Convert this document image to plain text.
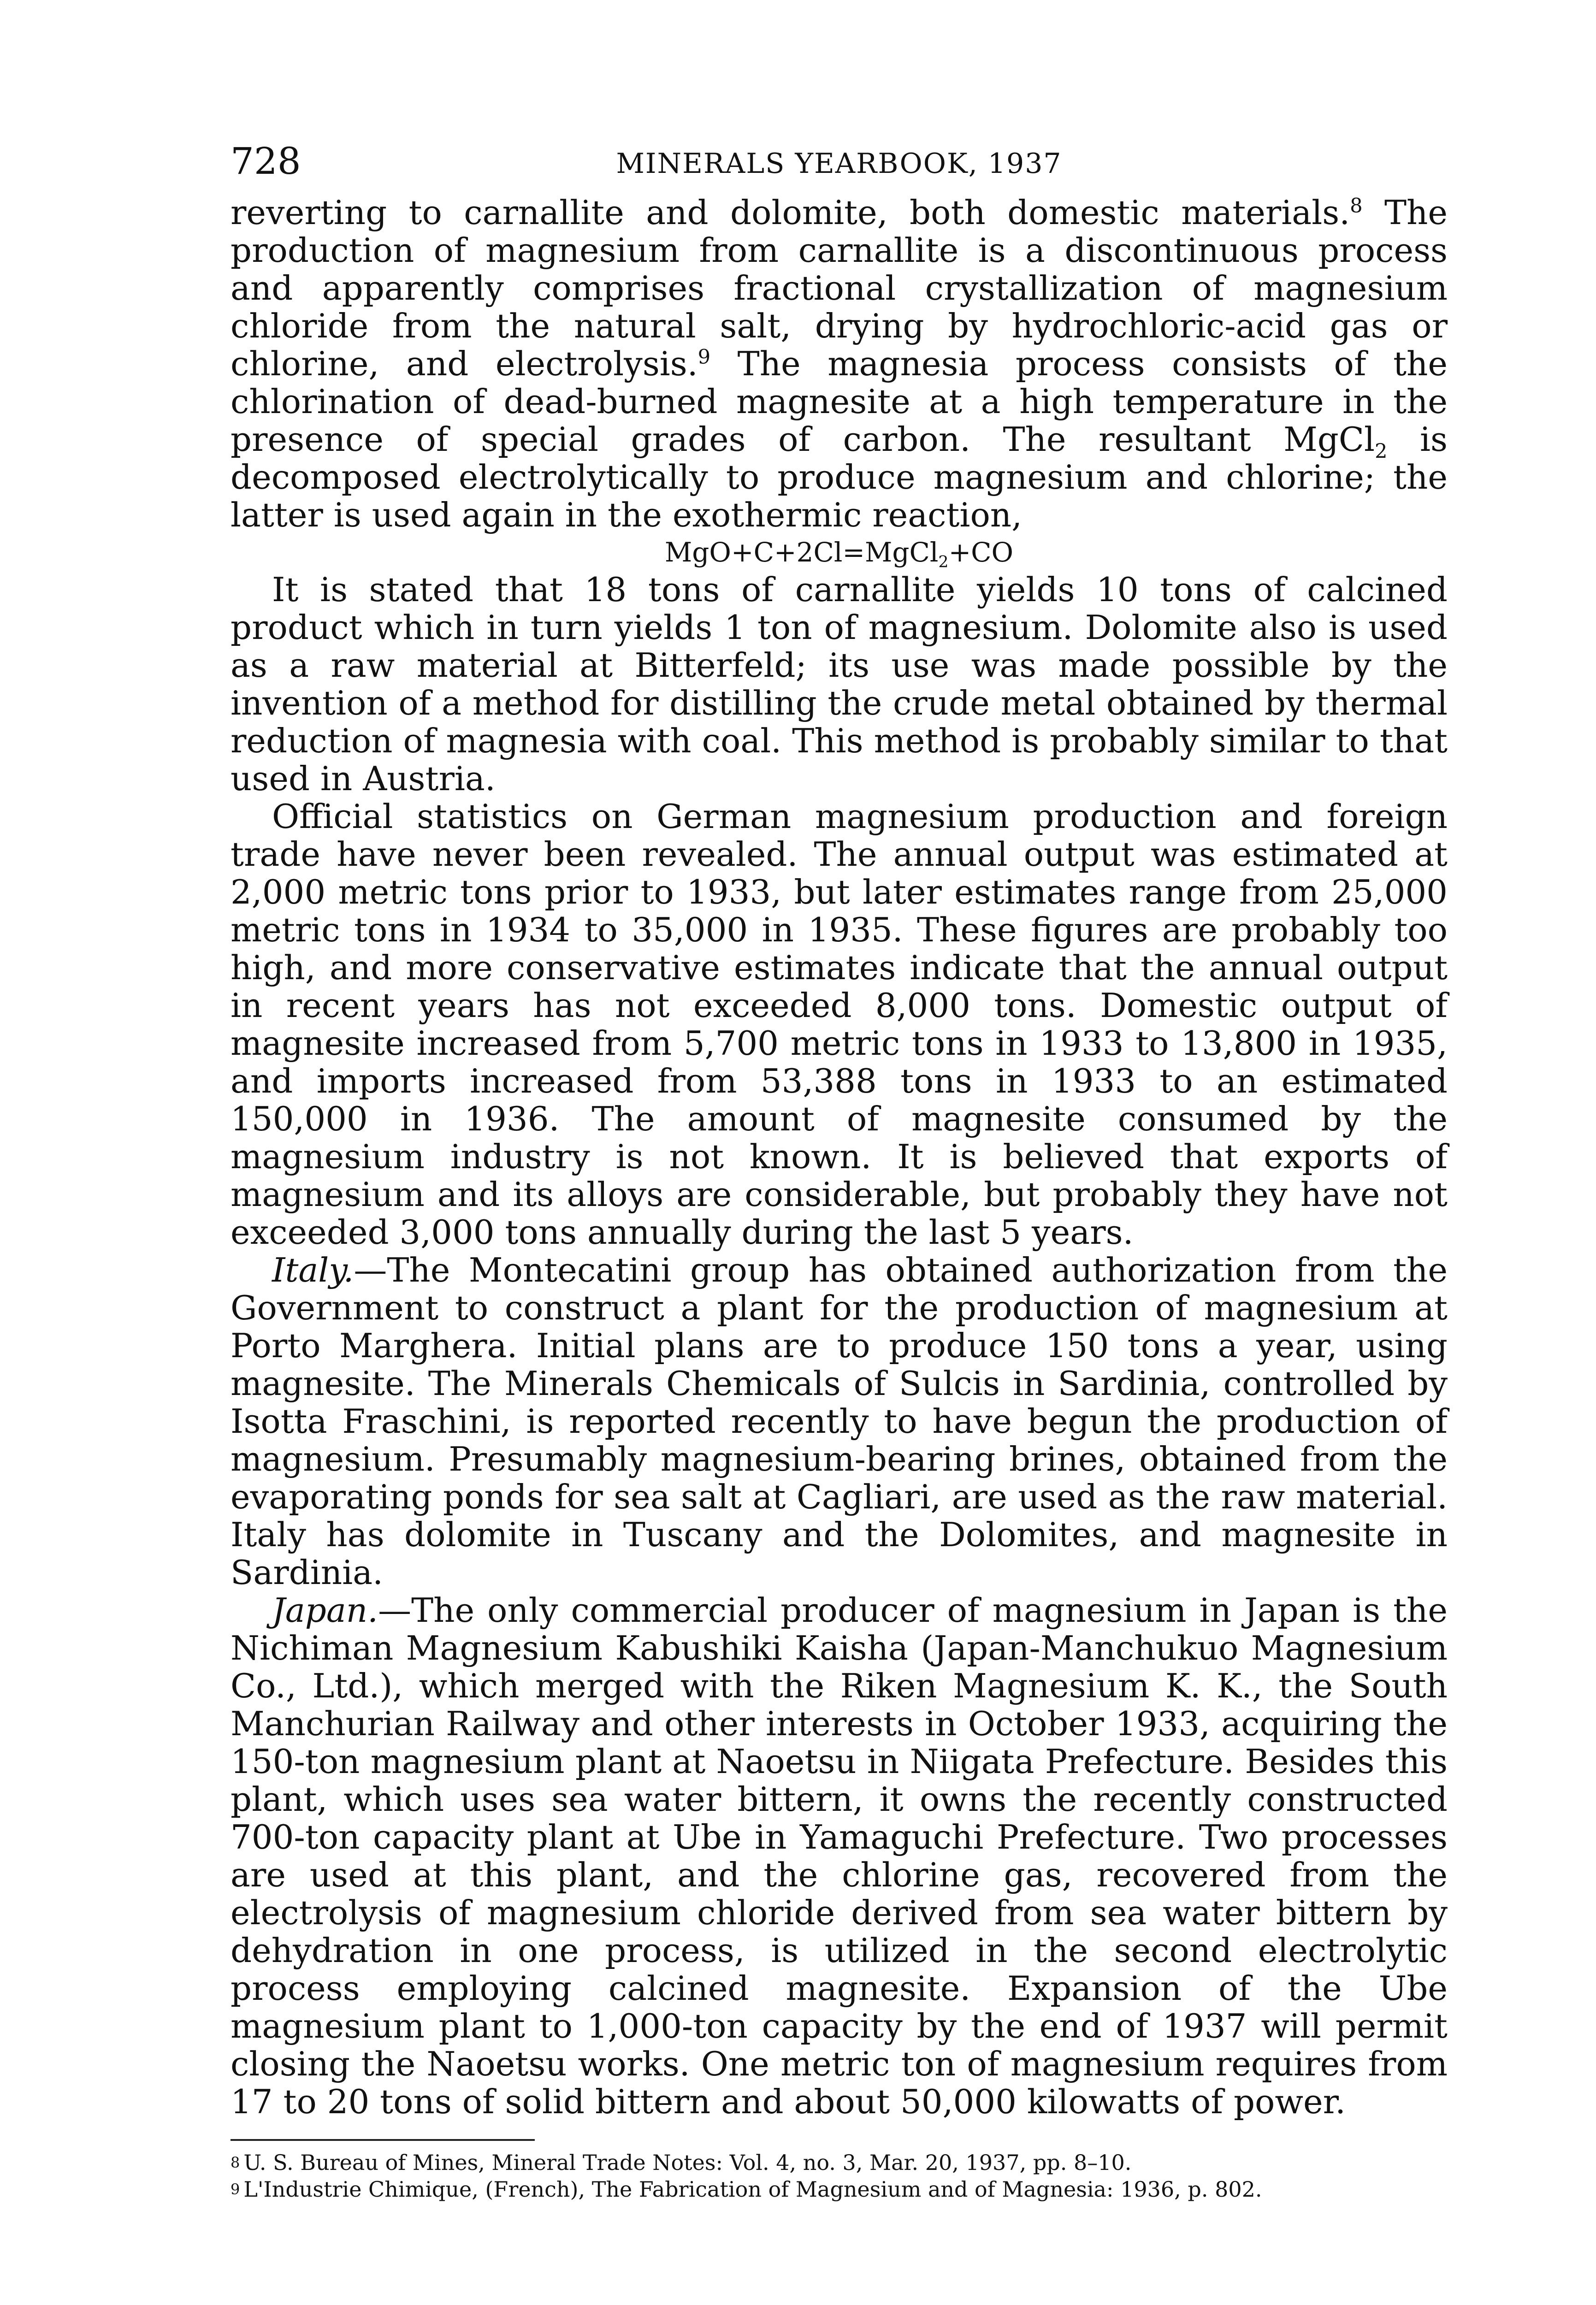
728	MINERALS YEARBOOK, 1937

reverting to carnallite and dolomite, both domestic materials.$^8$ The production of magnesium from carnallite is a discontinuous process and apparently comprises fractional crystallization of magnesium chloride from the natural salt, drying by hydrochloric-acid gas or chlorine, and electrolysis.$^9$ The magnesia process consists of the chlorination of dead-burned magnesite at a high temperature in the presence of special grades of carbon. The resultant MgCl$_2$ is decomposed electrolytically to produce magnesium and chlorine; the latter is used again in the exothermic reaction,

MgO+C+2Cl=MgCl$_2$+CO

It is stated that 18 tons of carnallite yields 10 tons of calcined product which in turn yields 1 ton of magnesium. Dolomite also is used as a raw material at Bitterfeld; its use was made possible by the invention of a method for distilling the crude metal obtained by thermal reduction of magnesia with coal. This method is probably similar to that used in Austria.

Official statistics on German magnesium production and foreign trade have never been revealed. The annual output was estimated at 2,000 metric tons prior to 1933, but later estimates range from 25,000 metric tons in 1934 to 35,000 in 1935. These figures are probably too high, and more conservative estimates indicate that the annual output in recent years has not exceeded 8,000 tons. Domestic output of magnesite increased from 5,700 metric tons in 1933 to 13,800 in 1935, and imports increased from 53,388 tons in 1933 to an estimated 150,000 in 1936. The amount of magnesite consumed by the magnesium industry is not known. It is believed that exports of magnesium and its alloys are considerable, but probably they have not exceeded 3,000 tons annually during the last 5 years.

Italy.—The Montecatini group has obtained authorization from the Government to construct a plant for the production of magnesium at Porto Marghera. Initial plans are to produce 150 tons a year, using magnesite. The Minerals Chemicals of Sulcis in Sardinia, controlled by Isotta Fraschini, is reported recently to have begun the production of magnesium. Presumably magnesium-bearing brines, obtained from the evaporating ponds for sea salt at Cagliari, are used as the raw material. Italy has dolomite in Tuscany and the Dolomites, and magnesite in Sardinia.

Japan.—The only commercial producer of magnesium in Japan is the Nichiman Magnesium Kabushiki Kaisha (Japan-Manchukuo Magnesium Co., Ltd.), which merged with the Riken Magnesium K. K., the South Manchurian Railway and other interests in October 1933, acquiring the 150-ton magnesium plant at Naoetsu in Niigata Prefecture. Besides this plant, which uses sea water bittern, it owns the recently constructed 700-ton capacity plant at Ube in Yamaguchi Prefecture. Two processes are used at this plant, and the chlorine gas, recovered from the electrolysis of magnesium chloride derived from sea water bittern by dehydration in one process, is utilized in the second electrolytic process employing calcined magnesite. Expansion of the Ube magnesium plant to 1,000-ton capacity by the end of 1937 will permit closing the Naoetsu works. One metric ton of magnesium requires from 17 to 20 tons of solid bittern and about 50,000 kilowatts of power.

$^8$ U. S. Bureau of Mines, Mineral Trade Notes: Vol. 4, no. 3, Mar. 20, 1937, pp. 8–10.

$^9$ L'Industrie Chimique, (French), The Fabrication of Magnesium and of Magnesia: 1936, p. 802.
